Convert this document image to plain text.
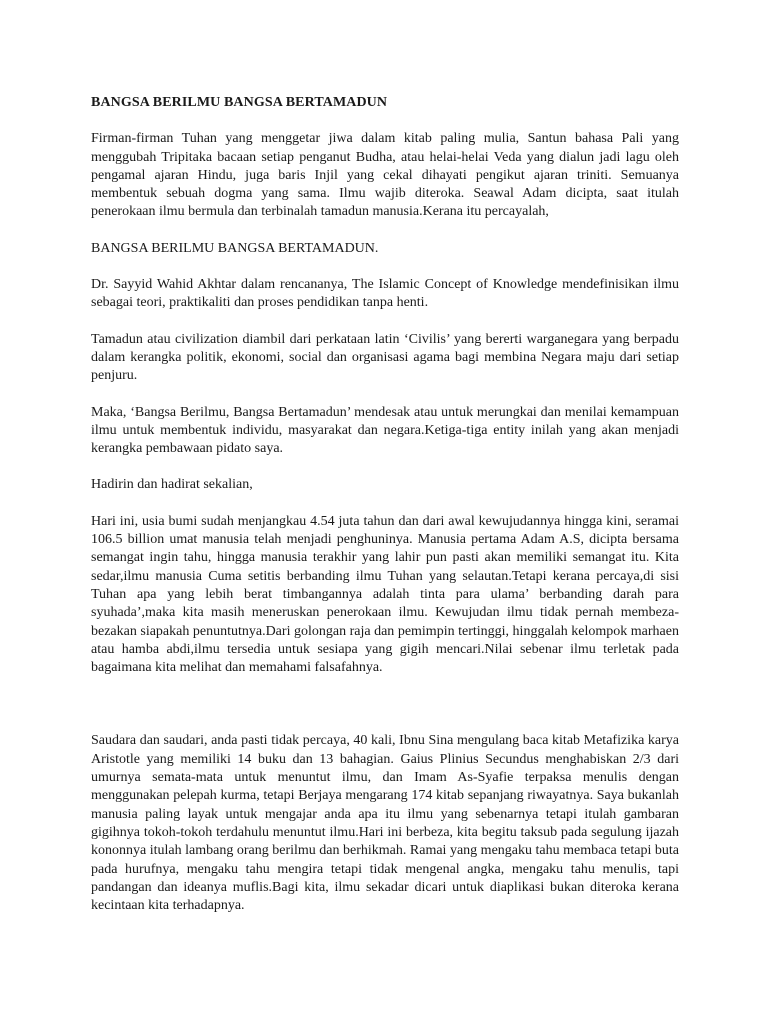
BANGSA BERILMU BANGSA BERTAMADUN

Firman-firman Tuhan yang menggetar jiwa dalam kitab paling mulia, Santun bahasa Pali yang menggubah Tripitaka bacaan setiap penganut Budha, atau helai-helai Veda yang dialun jadi lagu oleh pengamal ajaran Hindu, juga baris Injil yang cekal dihayati pengikut ajaran triniti. Semuanya membentuk sebuah dogma yang sama. Ilmu wajib diteroka. Seawal Adam dicipta, saat itulah penerokaan ilmu bermula dan terbinalah tamadun manusia.Kerana itu percayalah,

BANGSA BERILMU BANGSA BERTAMADUN.

Dr. Sayyid Wahid Akhtar dalam rencananya, The Islamic Concept of Knowledge mendefinisikan ilmu sebagai teori, praktikaliti dan proses pendidikan tanpa henti.

Tamadun atau civilization diambil dari perkataan latin ‘Civilis’ yang bererti warganegara yang berpadu dalam kerangka politik, ekonomi, social dan organisasi agama bagi membina Negara maju dari setiap penjuru.

Maka, ‘Bangsa Berilmu, Bangsa Bertamadun’ mendesak atau untuk merungkai dan menilai kemampuan ilmu untuk membentuk individu, masyarakat dan negara.Ketiga-tiga entity inilah yang akan menjadi kerangka pembawaan pidato saya.

Hadirin dan hadirat sekalian,

Hari ini, usia bumi sudah menjangkau 4.54 juta tahun dan dari awal kewujudannya hingga kini, seramai 106.5 billion umat manusia telah menjadi penghuninya. Manusia pertama Adam A.S, dicipta bersama semangat ingin tahu, hingga manusia terakhir yang lahir pun pasti akan memiliki semangat itu. Kita sedar,ilmu manusia Cuma setitis berbanding ilmu Tuhan yang selautan.Tetapi kerana percaya,di sisi Tuhan apa yang lebih berat timbangannya adalah tinta para ulama’ berbanding darah para syuhada’,maka kita masih meneruskan penerokaan ilmu. Kewujudan ilmu tidak pernah membeza-bezakan siapakah penuntutnya.Dari golongan raja dan pemimpin tertinggi, hinggalah kelompok marhaen atau hamba abdi,ilmu tersedia untuk sesiapa yang gigih mencari.Nilai sebenar ilmu terletak pada bagaimana kita melihat dan memahami falsafahnya.

Saudara dan saudari, anda pasti tidak percaya, 40 kali, Ibnu Sina mengulang baca kitab Metafizika karya Aristotle yang memiliki 14 buku dan 13 bahagian. Gaius Plinius Secundus menghabiskan 2/3 dari umurnya semata-mata untuk menuntut ilmu, dan Imam As-Syafie terpaksa menulis dengan menggunakan pelepah kurma, tetapi Berjaya mengarang 174 kitab sepanjang riwayatnya. Saya bukanlah manusia paling layak untuk mengajar anda apa itu ilmu yang sebenarnya tetapi itulah gambaran gigihnya tokoh-tokoh terdahulu menuntut ilmu.Hari ini berbeza, kita begitu taksub pada segulung ijazah kononnya itulah lambang orang berilmu dan berhikmah. Ramai yang mengaku tahu membaca tetapi buta pada hurufnya, mengaku tahu mengira tetapi tidak mengenal angka, mengaku tahu menulis, tapi pandangan dan ideanya muflis.Bagi kita, ilmu sekadar dicari untuk diaplikasi bukan diteroka kerana kecintaan kita terhadapnya.
